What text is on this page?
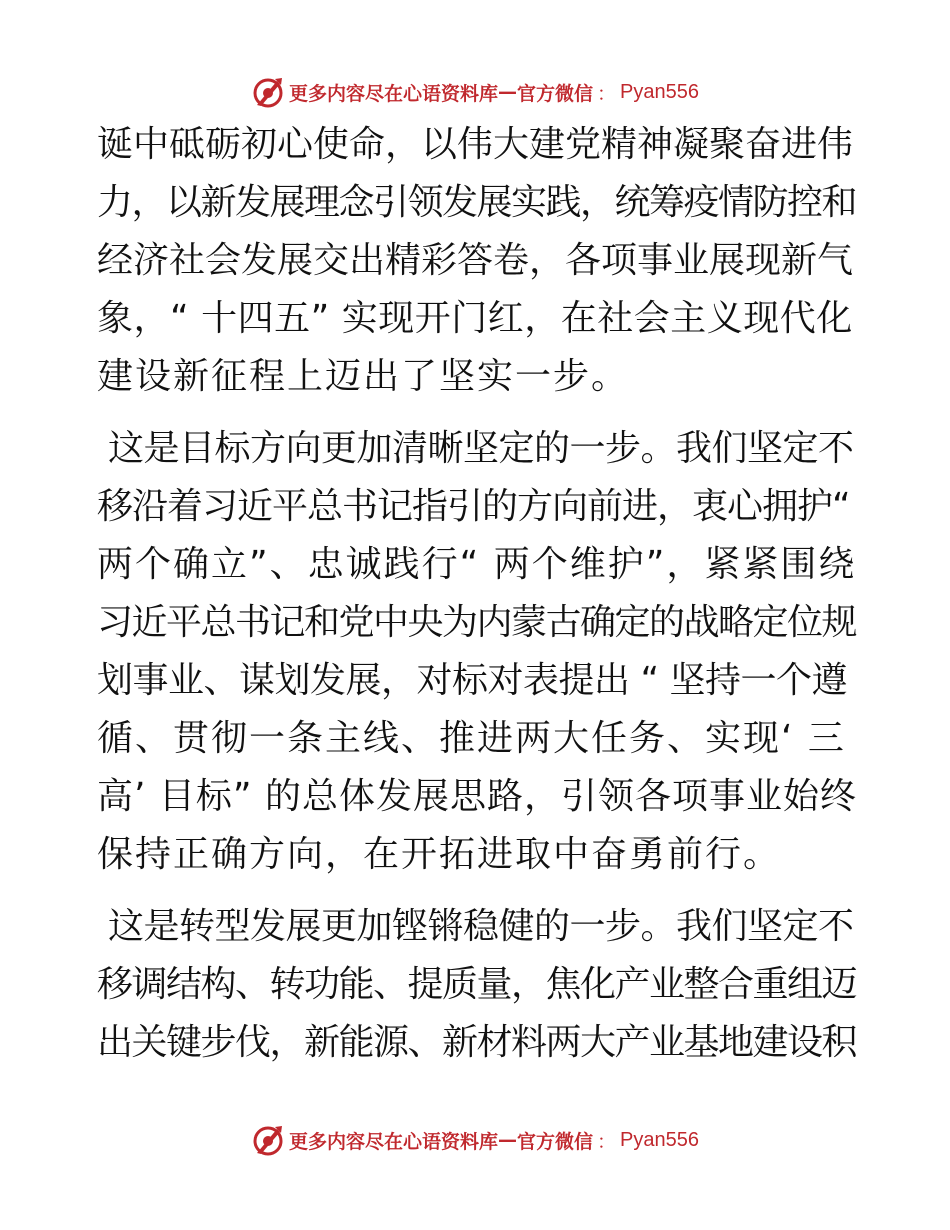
更多内容尽在心语资料库 — 官方微信 ： Pyan556
诞中砥砺初心使命，以伟大建党精神凝聚奋进伟
力，以新发展理念引领发展实践，统筹疫情防控和
经济社会发展交出精彩答卷，各项事业展现新气
象，“ 十四五” 实现开门红，在社会主义现代化
建设新征程上迈出了坚实一步。
这是目标方向更加清晰坚定的一步。我们坚定不
移沿着习近平总书记指引的方向前进，衷心拥护“
两个确立”、忠诚践行“ 两个维护”，紧紧围绕
习近平总书记和党中央为内蒙古确定的战略定位规
划事业、谋划发展，对标对表提出 “ 坚持一个遵
循、贯彻一条主线、推进两大任务、实现‘ 三
高’ 目标” 的总体发展思路，引领各项事业始终
保持正确方向，在开拓进取中奋勇前行。
这是转型发展更加铿锵稳健的一步。我们坚定不
移调结构、转功能、提质量，焦化产业整合重组迈
出关键步伐，新能源、新材料两大产业基地建设积
更多内容尽在心语资料库 — 官方微信 ： Pyan556
